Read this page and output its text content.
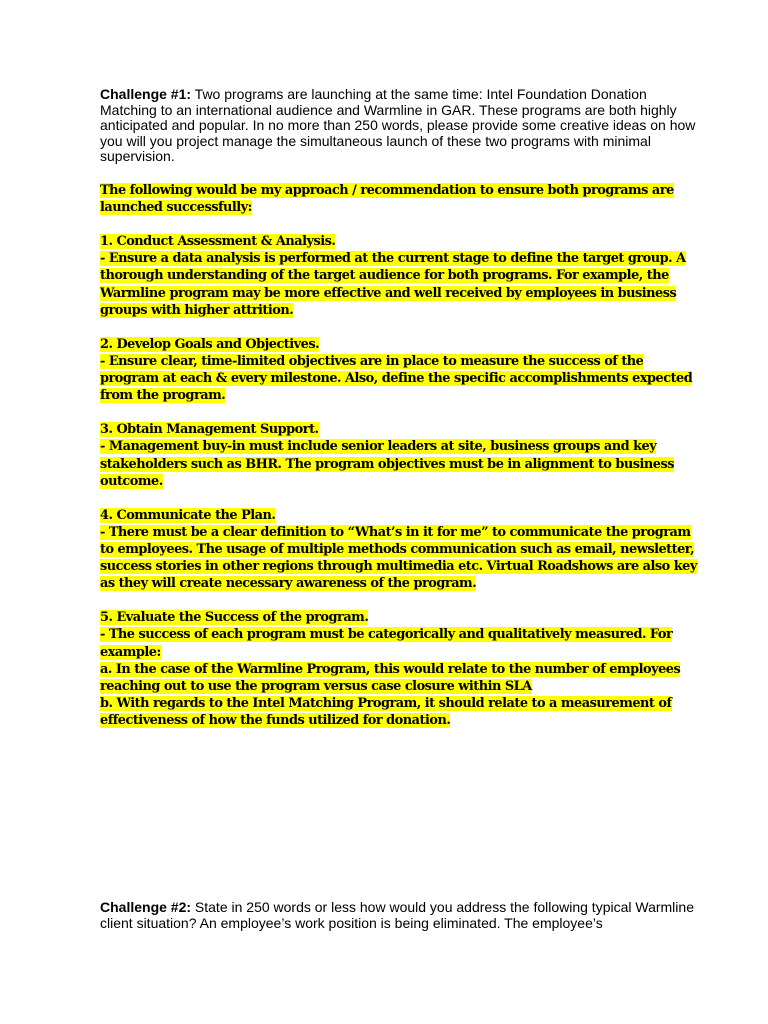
Challenge #1: Two programs are launching at the same time: Intel Foundation Donation Matching to an international audience and Warmline in GAR. These programs are both highly anticipated and popular. In no more than 250 words, please provide some creative ideas on how you will you project manage the simultaneous launch of these two programs with minimal supervision.
The following would be my approach / recommendation to ensure both programs are launched successfully:
1. Conduct Assessment & Analysis.
- Ensure a data analysis is performed at the current stage to define the target group. A thorough understanding of the target audience for both programs. For example, the Warmline program may be more effective and well received by employees in business groups with higher attrition.
2. Develop Goals and Objectives.
- Ensure clear, time-limited objectives are in place to measure the success of the program at each & every milestone. Also, define the specific accomplishments expected from the program.
3. Obtain Management Support.
- Management buy-in must include senior leaders at site, business groups and key stakeholders such as BHR. The program objectives must be in alignment to business outcome.
4. Communicate the Plan.
- There must be a clear definition to “What’s in it for me” to communicate the program to employees. The usage of multiple methods communication such as email, newsletter, success stories in other regions through multimedia etc. Virtual Roadshows are also key as they will create necessary awareness of the program.
5. Evaluate the Success of the program.
- The success of each program must be categorically and qualitatively measured. For example:
a. In the case of the Warmline Program, this would relate to the number of employees reaching out to use the program versus case closure within SLA
b. With regards to the Intel Matching Program, it should relate to a measurement of effectiveness of how the funds utilized for donation.
Challenge #2: State in 250 words or less how would you address the following typical Warmline client situation? An employee’s work position is being eliminated. The employee’s
